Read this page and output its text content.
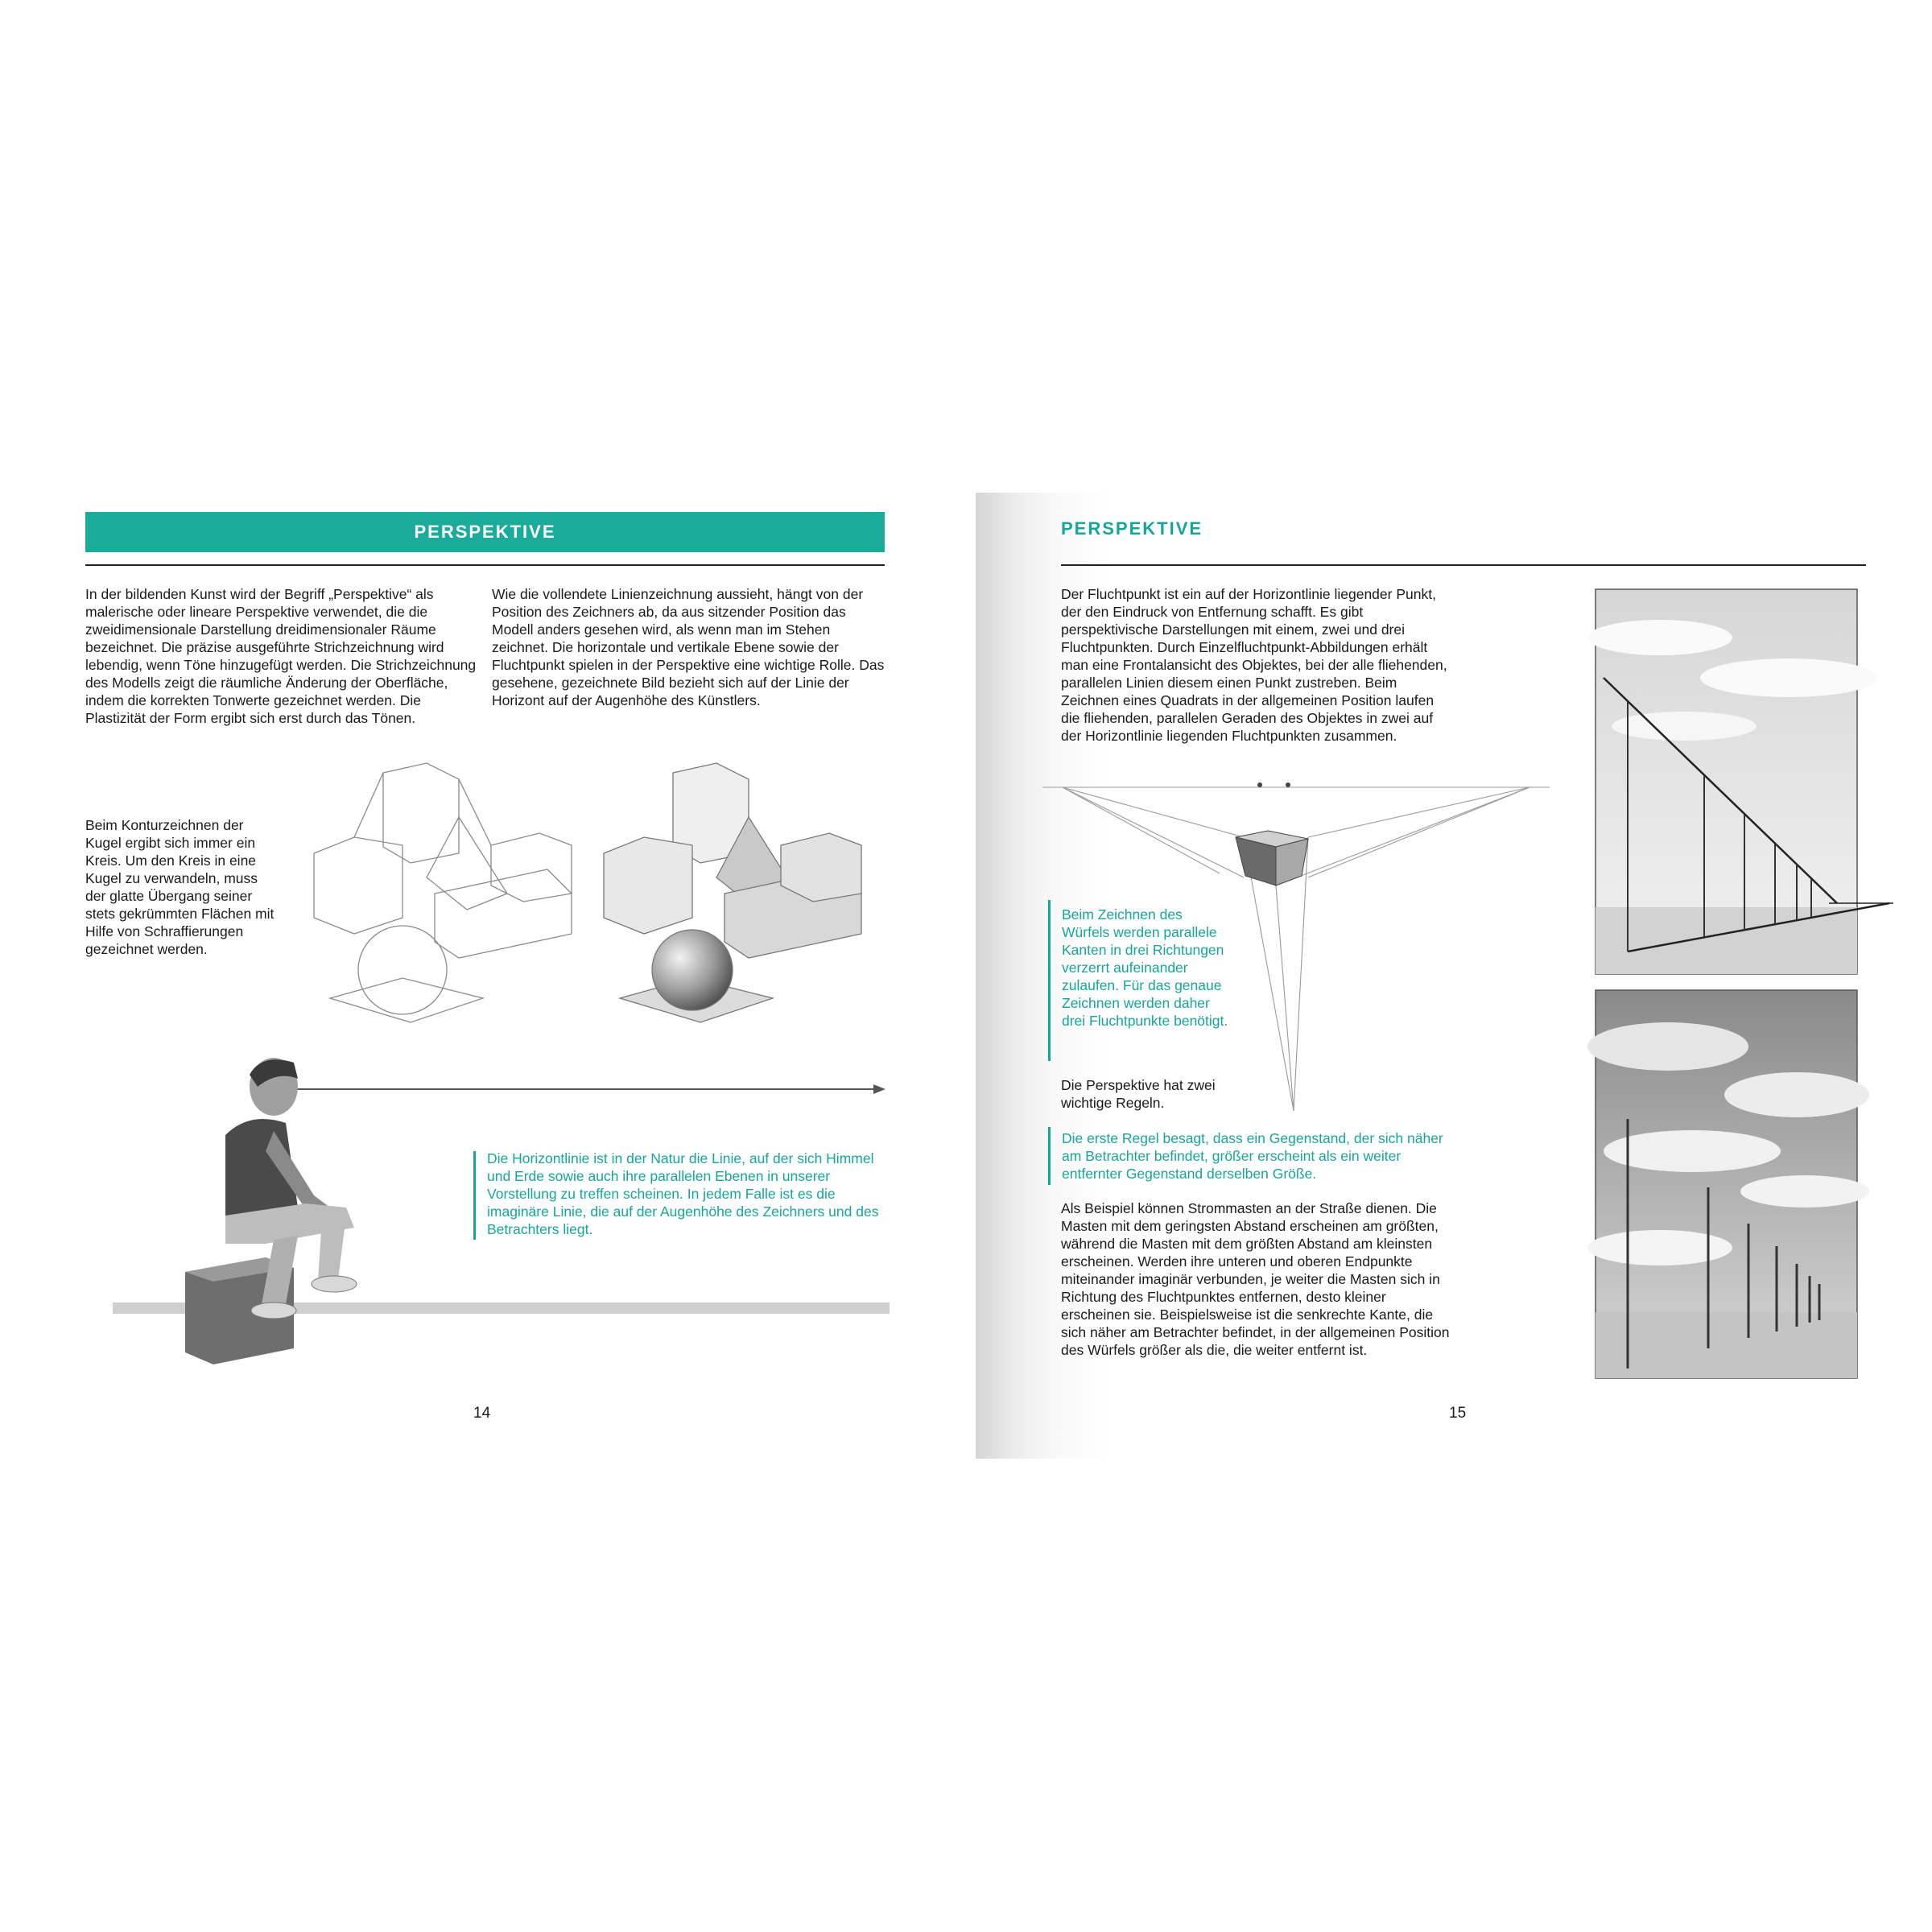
PERSPEKTIVE

In der bildenden Kunst wird der Begriff „Perspektive“ als malerische oder lineare Perspektive verwendet, die die zweidimensionale Darstellung dreidimensionaler Räume bezeichnet. Die präzise ausgeführte Strichzeichnung wird lebendig, wenn Töne hinzugefügt werden. Die Strichzeichnung des Modells zeigt die räumliche Änderung der Oberfläche, indem die korrekten Tonwerte gezeichnet werden. Die Plastizität der Form ergibt sich erst durch das Tönen.

Wie die vollendete Linienzeichnung aussieht, hängt von der Position des Zeichners ab, da aus sitzender Position das Modell anders gesehen wird, als wenn man im Stehen zeichnet. Die horizontale und vertikale Ebene sowie der Fluchtpunkt spielen in der Perspektive eine wichtige Rolle. Das gesehene, gezeichnete Bild bezieht sich auf der Linie der Horizont auf der Augenhöhe des Künstlers.

Beim Konturzeichnen der Kugel ergibt sich immer ein Kreis. Um den Kreis in eine Kugel zu verwandeln, muss der glatte Übergang seiner stets gekrümmten Flächen mit Hilfe von Schraffierungen gezeichnet werden.

Die Horizontlinie ist in der Natur die Linie, auf der sich Himmel und Erde sowie auch ihre parallelen Ebenen in unserer Vorstellung zu treffen scheinen. In jedem Falle ist es die imaginäre Linie, die auf der Augenhöhe des Zeichners und des Betrachters liegt.

14
PERSPEKTIVE

Der Fluchtpunkt ist ein auf der Horizontlinie liegender Punkt, der den Eindruck von Entfernung schafft. Es gibt perspektivische Darstellungen mit einem, zwei und drei Fluchtpunkten. Durch Einzelfluchtpunkt-Abbildungen erhält man eine Frontalansicht des Objektes, bei der alle fliehenden, parallelen Linien diesem einen Punkt zustreben. Beim Zeichnen eines Quadrats in der allgemeinen Position laufen die fliehenden, parallelen Geraden des Objektes in zwei auf der Horizontlinie liegenden Fluchtpunkten zusammen.

Beim Zeichnen des Würfels werden parallele Kanten in drei Richtungen verzerrt aufeinander zulaufen. Für das genaue Zeichnen werden daher drei Fluchtpunkte benötigt.

Die Perspektive hat zwei wichtige Regeln.

Die erste Regel besagt, dass ein Gegenstand, der sich näher am Betrachter befindet, größer erscheint als ein weiter entfernter Gegenstand derselben Größe.

Als Beispiel können Strommasten an der Straße dienen. Die Masten mit dem geringsten Abstand erscheinen am größten, während die Masten mit dem größten Abstand am kleinsten erscheinen. Werden ihre unteren und oberen Endpunkte miteinander imaginär verbunden, je weiter die Masten sich in Richtung des Fluchtpunktes entfernen, desto kleiner erscheinen sie. Beispielsweise ist die senkrechte Kante, die sich näher am Betrachter befindet, in der allgemeinen Position des Würfels größer als die, die weiter entfernt ist.

15
